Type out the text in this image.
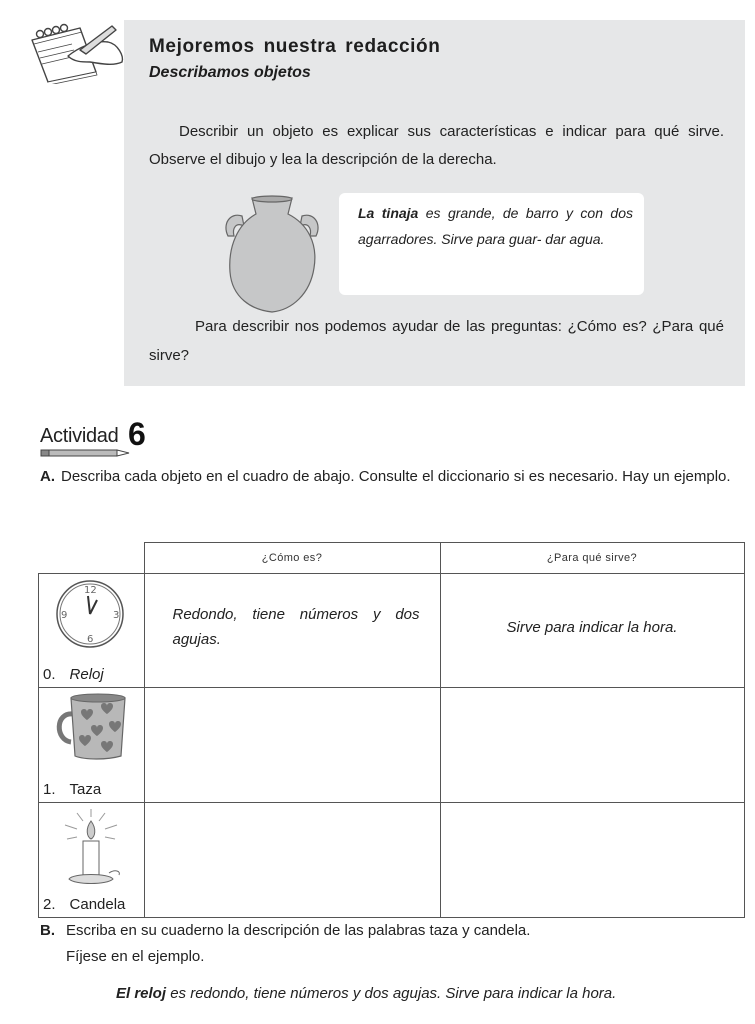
Mejoremos nuestra redacción
Describamos objetos
Describir un objeto es explicar sus características e indicar para qué sirve. Observe el dibujo y lea la descripción de la derecha.
La tinaja es grande, de barro y con dos agarradores. Sirve para guar- dar agua.
Para describir nos podemos ayudar de las preguntas: ¿Cómo es? ¿Para qué sirve?
Actividad 6
A. Describa cada objeto en el cuadro de abajo. Consulte el diccionario si es necesario. Hay un ejemplo.
	¿Cómo es?	¿Para qué sirve?

12
3
6
9
0. Reloj	Redondo, tiene números y dos agujas.	Sirve para indicar la hora.

1. Taza		

2. Candela		

B. Escriba en su cuaderno la descripción de las palabras taza y candela.
Fíjese en el ejemplo.
El reloj es redondo, tiene números y dos agujas. Sirve para indicar la hora.
